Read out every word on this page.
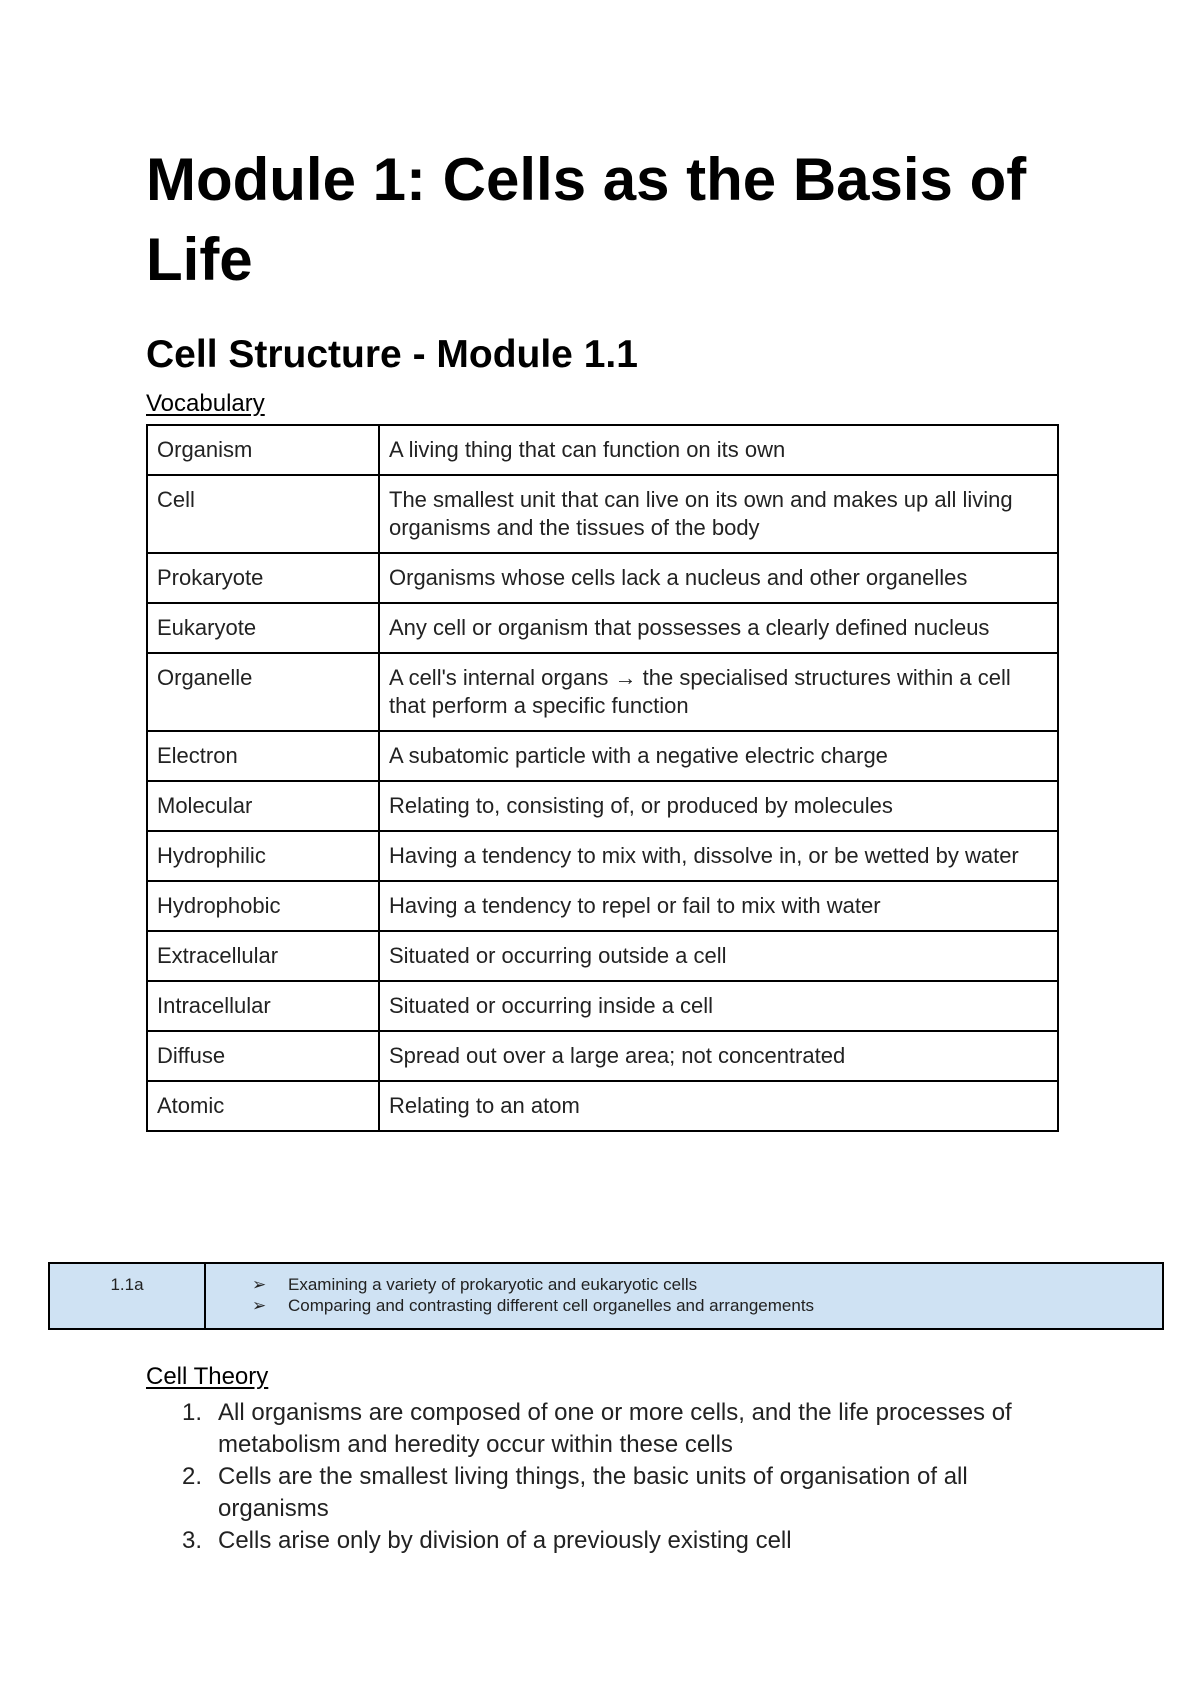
Module 1: Cells as the Basis of Life
Cell Structure - Module 1.1
Vocabulary
Organism	A living thing that can function on its own
Cell	The smallest unit that can live on its own and makes up all living organisms and the tissues of the body
Prokaryote	Organisms whose cells lack a nucleus and other organelles
Eukaryote	Any cell or organism that possesses a clearly defined nucleus
Organelle	A cell's internal organs → the specialised structures within a cell that perform a specific function
Electron	A subatomic particle with a negative electric charge
Molecular	Relating to, consisting of, or produced by molecules
Hydrophilic	Having a tendency to mix with, dissolve in, or be wetted by water
Hydrophobic	Having a tendency to repel or fail to mix with water
Extracellular	Situated or occurring outside a cell
Intracellular	Situated or occurring inside a cell
Diffuse	Spread out over a large area; not concentrated
Atomic	Relating to an atom
1.1a	➢ Examining a variety of prokaryotic and eukaryotic cells
➢ Comparing and contrasting different cell organelles and arrangements
Cell Theory
1. All organisms are composed of one or more cells, and the life processes of metabolism and heredity occur within these cells
2. Cells are the smallest living things, the basic units of organisation of all organisms
3. Cells arise only by division of a previously existing cell
